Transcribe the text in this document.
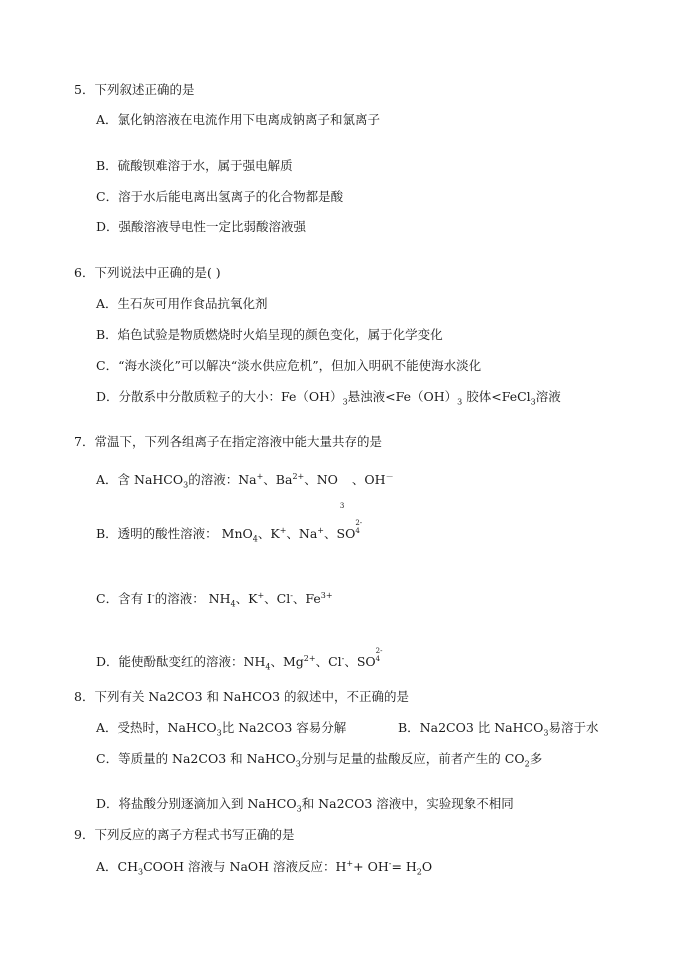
5．下列叙述正确的是
A．氯化钠溶液在电流作用下电离成钠离子和氯离子
B．硫酸钡难溶于水，属于强电解质
C．溶于水后能电离出氢离子的化合物都是酸
D．强酸溶液导电性一定比弱酸溶液强
6．下列说法中正确的是( )
A．生石灰可用作食品抗氧化剂
B．焰色试验是物质燃烧时火焰呈现的颜色变化，属于化学变化
C．“海水淡化”可以解决“淡水供应危机”，但加入明矾不能使海水淡化
D．分散系中分散质粒子的大小：$Fe(OH)_3$悬浊液$<Fe(OH)_3$ 胶体<FeCl$_3$溶液
7．常温下，下列各组离子在指定溶液中能大量共存的是
A．含 NaHCO$_3$的溶液：Na+、$Ba^{2+}$、NO
3
、OH－
B．透明的酸性溶液： MnO$_4$、K+、Na+、SO
2-
4
C．含有 I-的溶液： $NH_4$、K+、Cl-、$Fe^{3+}$
D．能使酚酞变红的溶液：$NH_4$、$Mg^{2+}$、Cl-、SO
2-
4
8．下列有关 Na2CO3 和 NaHCO3 的叙述中，不正确的是
A．受热时，NaHCO$_3$比 Na2CO3 容易分解	B．Na2CO3 比 NaHCO$_3$易溶于水
C．等质量的 Na2CO3 和 NaHCO$_3$分别与足量的盐酸反应，前者产生的 $CO_2$多
D．将盐酸分别逐滴加入到 NaHCO$_3$和 Na2CO3 溶液中，实验现象不相同
9．下列反应的离子方程式书写正确的是
A．$CH_3COOH$ 溶液与 NaOH 溶液反应：$H^++ OH^-= H_2O$
